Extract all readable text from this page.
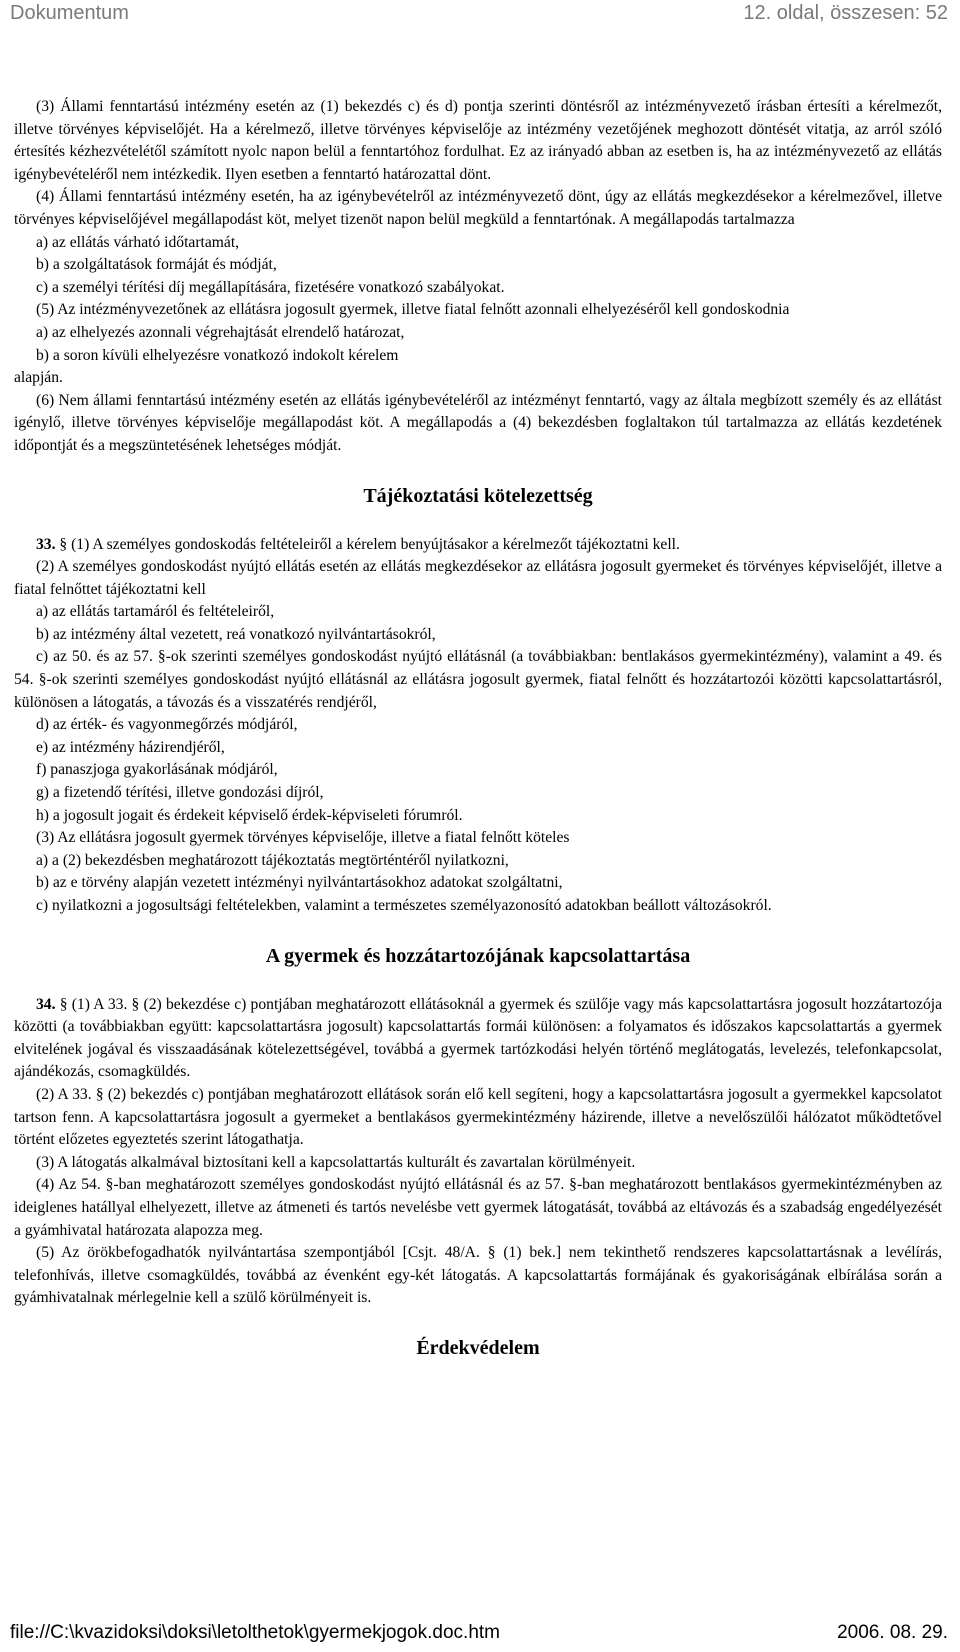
Dokumentum	12. oldal, összesen: 52

(3) Állami fenntartású intézmény esetén az (1) bekezdés c) és d) pontja szerinti döntésről az intézményvezető írásban értesíti a kérelmezőt, illetve törvényes képviselőjét. Ha a kérelmező, illetve törvényes képviselője az intézmény vezetőjének meghozott döntését vitatja, az arról szóló értesítés kézhezvételétől számított nyolc napon belül a fenntartóhoz fordulhat. Ez az irányadó abban az esetben is, ha az intézményvezető az ellátás igénybevételéről nem intézkedik. Ilyen esetben a fenntartó határozattal dönt.

(4) Állami fenntartású intézmény esetén, ha az igénybevételről az intézményvezető dönt, úgy az ellátás megkezdésekor a kérelmezővel, illetve törvényes képviselőjével megállapodást köt, melyet tizenöt napon belül megküld a fenntartónak. A megállapodás tartalmazza

a) az ellátás várható időtartamát,

b) a szolgáltatások formáját és módját,

c) a személyi térítési díj megállapítására, fizetésére vonatkozó szabályokat.

(5) Az intézményvezetőnek az ellátásra jogosult gyermek, illetve fiatal felnőtt azonnali elhelyezéséről kell gondoskodnia

a) az elhelyezés azonnali végrehajtását elrendelő határozat,

b) a soron kívüli elhelyezésre vonatkozó indokolt kérelem

alapján.

(6) Nem állami fenntartású intézmény esetén az ellátás igénybevételéről az intézményt fenntartó, vagy az általa megbízott személy és az ellátást igénylő, illetve törvényes képviselője megállapodást köt. A megállapodás a (4) bekezdésben foglaltakon túl tartalmazza az ellátás kezdetének időpontját és a megszüntetésének lehetséges módját.

Tájékoztatási kötelezettség

33. § (1) A személyes gondoskodás feltételeiről a kérelem benyújtásakor a kérelmezőt tájékoztatni kell.

(2) A személyes gondoskodást nyújtó ellátás esetén az ellátás megkezdésekor az ellátásra jogosult gyermeket és törvényes képviselőjét, illetve a fiatal felnőttet tájékoztatni kell

a) az ellátás tartamáról és feltételeiről,

b) az intézmény által vezetett, reá vonatkozó nyilvántartásokról,

c) az 50. és az 57. §-ok szerinti személyes gondoskodást nyújtó ellátásnál (a továbbiakban: bentlakásos gyermekintézmény), valamint a 49. és 54. §-ok szerinti személyes gondoskodást nyújtó ellátásnál az ellátásra jogosult gyermek, fiatal felnőtt és hozzátartozói közötti kapcsolattartásról, különösen a látogatás, a távozás és a visszatérés rendjéről,

d) az érték- és vagyonmegőrzés módjáról,

e) az intézmény házirendjéről,

f) panaszjoga gyakorlásának módjáról,

g) a fizetendő térítési, illetve gondozási díjról,

h) a jogosult jogait és érdekeit képviselő érdek-képviseleti fórumról.

(3) Az ellátásra jogosult gyermek törvényes képviselője, illetve a fiatal felnőtt köteles

a) a (2) bekezdésben meghatározott tájékoztatás megtörténtéről nyilatkozni,

b) az e törvény alapján vezetett intézményi nyilvántartásokhoz adatokat szolgáltatni,

c) nyilatkozni a jogosultsági feltételekben, valamint a természetes személyazonosító adatokban beállott változásokról.

A gyermek és hozzátartozójának kapcsolattartása

34. § (1) A 33. § (2) bekezdése c) pontjában meghatározott ellátásoknál a gyermek és szülője vagy más kapcsolattartásra jogosult hozzátartozója közötti (a továbbiakban együtt: kapcsolattartásra jogosult) kapcsolattartás formái különösen: a folyamatos és időszakos kapcsolattartás a gyermek elvitelének jogával és visszaadásának kötelezettségével, továbbá a gyermek tartózkodási helyén történő meglátogatás, levelezés, telefonkapcsolat, ajándékozás, csomagküldés.

(2) A 33. § (2) bekezdés c) pontjában meghatározott ellátások során elő kell segíteni, hogy a kapcsolattartásra jogosult a gyermekkel kapcsolatot tartson fenn. A kapcsolattartásra jogosult a gyermeket a bentlakásos gyermekintézmény házirende, illetve a nevelőszülői hálózatot működtetővel történt előzetes egyeztetés szerint látogathatja.

(3) A látogatás alkalmával biztosítani kell a kapcsolattartás kulturált és zavartalan körülményeit.

(4) Az 54. §-ban meghatározott személyes gondoskodást nyújtó ellátásnál és az 57. §-ban meghatározott bentlakásos gyermekintézményben az ideiglenes hatállyal elhelyezett, illetve az átmeneti és tartós nevelésbe vett gyermek látogatását, továbbá az eltávozás és a szabadság engedélyezését a gyámhivatal határozata alapozza meg.

(5) Az örökbefogadhatók nyilvántartása szempontjából [Csjt. 48/A. § (1) bek.] nem tekinthető rendszeres kapcsolattartásnak a levélírás, telefonhívás, illetve csomagküldés, továbbá az évenként egy-két látogatás. A kapcsolattartás formájának és gyakoriságának elbírálása során a gyámhivatalnak mérlegelnie kell a szülő körülményeit is.

Érdekvédelem
file://C:\kvazidoksi\doksi\letolthetok\gyermekjogok.doc.htm	2006. 08. 29.
